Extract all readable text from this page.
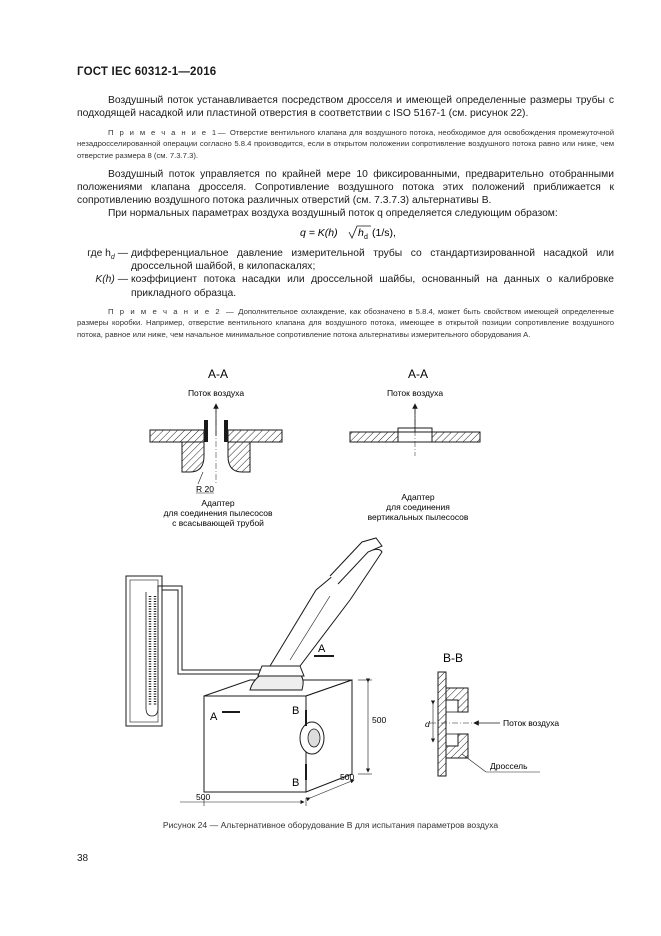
ГОСТ IEC 60312-1—2016
Воздушный поток устанавливается посредством дросселя и имеющей определенные размеры трубы с подходящей насадкой или пластиной отверстия в соответствии с ISO 5167-1 (см. рисунок 22).
П р и м е ч а н и е 1— Отверстие вентильного клапана для воздушного потока, необходимое для освобождения промежуточной незадросселированной операции согласно 5.8.4 производится, если в открытом положении сопротивление воздушного потока равно или ниже, чем отверстие размера 8 (см. 7.3.7.3).
Воздушный поток управляется по крайней мере 10 фиксированными, предварительно отобранными положениями клапана дросселя. Сопротивление воздушного потока этих положений приближается к сопротивлению воздушного потока различных отверстий (см. 7.3.7.3) альтернативы В.
При нормальных параметрах воздуха воздушный поток q определяется следующим образом:
q = K(h) h d (1/s),
где $h_d$ — дифференциальное давление измерительной трубы со стандартизированной насадкой или дроссельной шайбой, в килопаскалях;
K(h) — коэффициент потока насадки или дроссельной шайбы, основанный на данных о калибровке прикладного образца.
П р и м е ч а н и е 2 — Дополнительное охлаждение, как обозначено в 5.8.4, может быть свойством имеющей определенные размеры коробки. Например, отверстие вентильного клапана для воздушного потока, имеющее в открытой позиции сопротивление воздушного потока, равное или ниже, чем начальное минимальное сопротивление потока альтернативы измерительного оборудования А.
А-А
Поток воздуха
R 20
Адаптер
для соединения пылесосов
с всасывающей трубой
А-А
Поток воздуха
Адаптер
для соединения
вертикальных пылесосов
A
A
B
B
500
500
500
В-В
d	Поток воздуха
Дроссель
Рисунок 24 — Альтернативное оборудование В для испытания параметров воздуха
38
